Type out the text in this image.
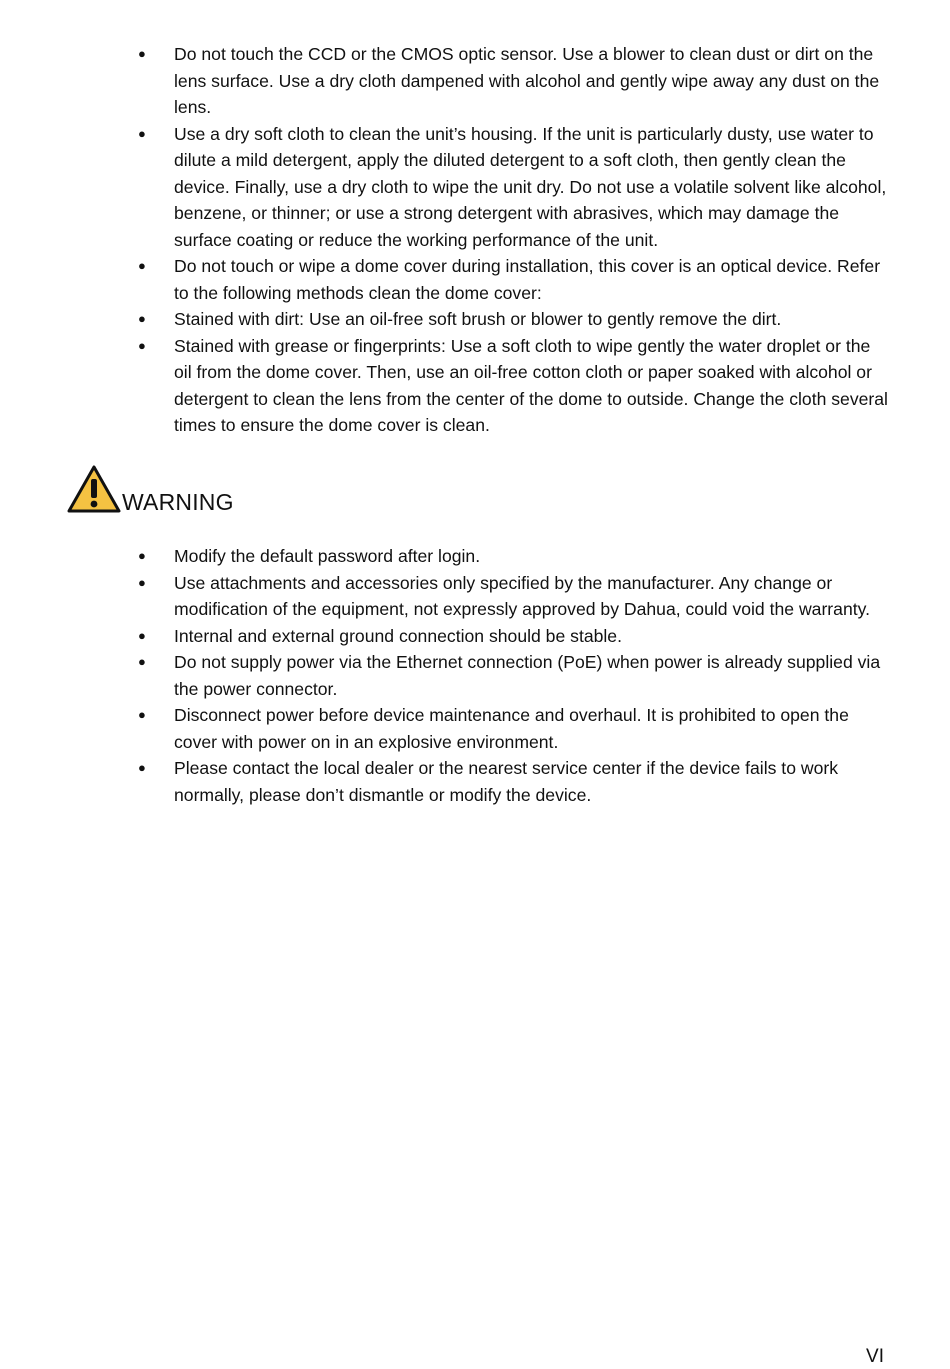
● Do not touch the CCD or the CMOS optic sensor. Use a blower to clean dust or dirt on the lens surface. Use a dry cloth dampened with alcohol and gently wipe away any dust on the lens.
● Use a dry soft cloth to clean the unit’s housing. If the unit is particularly dusty, use water to dilute a mild detergent, apply the diluted detergent to a soft cloth, then gently clean the device. Finally, use a dry cloth to wipe the unit dry. Do not use a volatile solvent like alcohol, benzene, or thinner; or use a strong detergent with abrasives, which may damage the surface coating or reduce the working performance of the unit.
● Do not touch or wipe a dome cover during installation, this cover is an optical device. Refer to the following methods clean the dome cover:
● Stained with dirt: Use an oil-free soft brush or blower to gently remove the dirt.
● Stained with grease or fingerprints: Use a soft cloth to wipe gently the water droplet or the oil from the dome cover. Then, use an oil-free cotton cloth or paper soaked with alcohol or detergent to clean the lens from the center of the dome to outside. Change the cloth several times to ensure the dome cover is clean.
WARNING
● Modify the default password after login.
● Use attachments and accessories only specified by the manufacturer. Any change or modification of the equipment, not expressly approved by Dahua, could void the warranty.
● Internal and external ground connection should be stable.
● Do not supply power via the Ethernet connection (PoE) when power is already supplied via the power connector.
● Disconnect power before device maintenance and overhaul. It is prohibited to open the cover with power on in an explosive environment.
● Please contact the local dealer or the nearest service center if the device fails to work normally, please don’t dismantle or modify the device.
VI
